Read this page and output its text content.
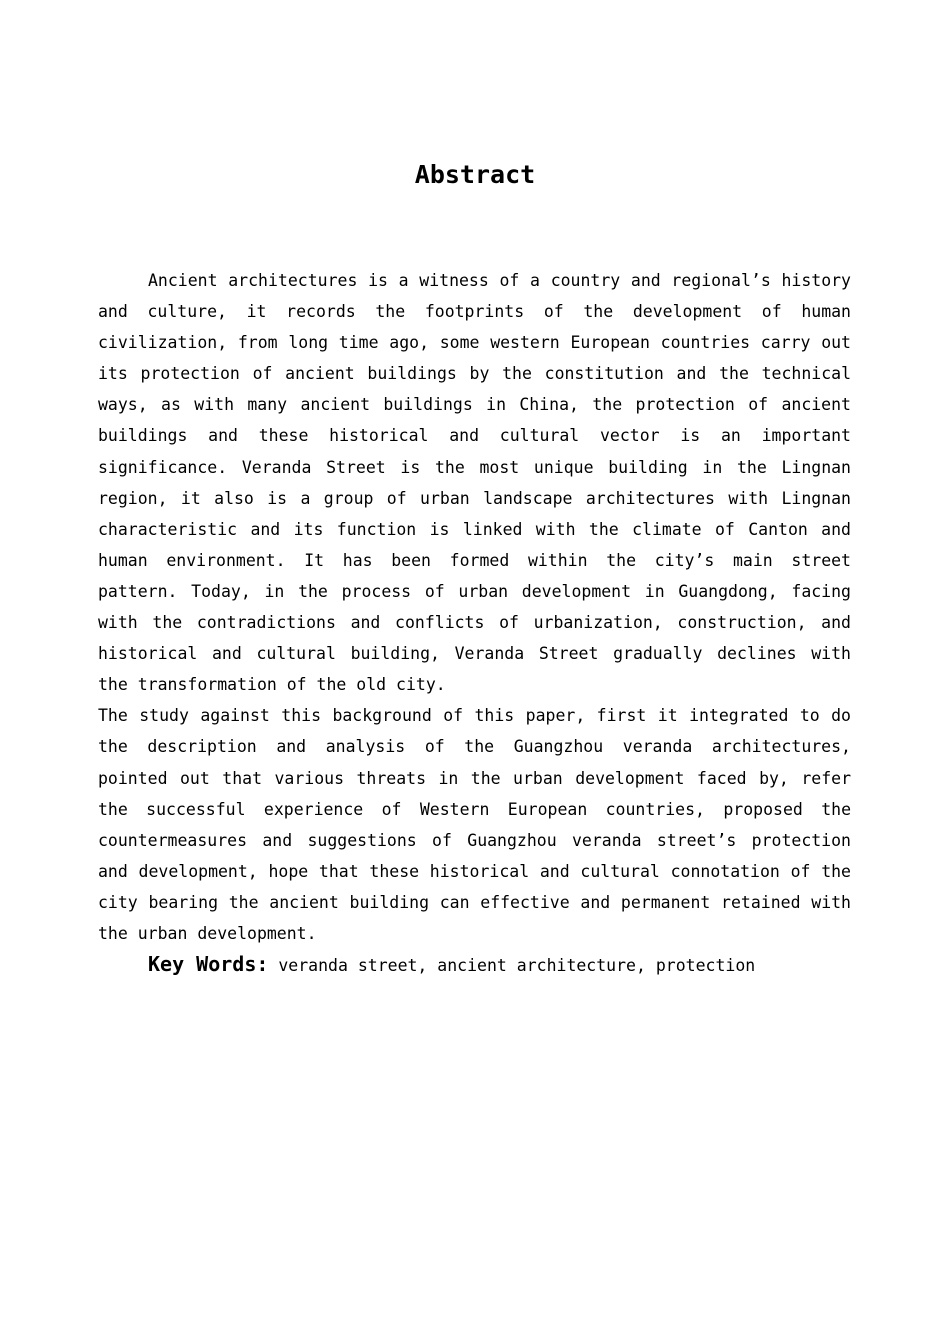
Abstract

Ancient architectures is a witness of a country and regional’s history and culture, it records the footprints of the development of human civilization, from long time ago, some western European countries carry out its protection of ancient buildings by the constitution and the technical ways, as with many ancient buildings in China, the protection of ancient buildings and these historical and cultural vector is an important significance. Veranda Street is the most unique building in the Lingnan region, it also is a group of urban landscape architectures with Lingnan characteristic and its function is linked with the climate of Canton and human environment. It has been formed within the city’s main street pattern. Today, in the process of urban development in Guangdong, facing with the contradictions and conflicts of urbanization, construction, and historical and cultural building, Veranda Street gradually declines with the transformation of the old city.

The study against this background of this paper, first it integrated to do the description and analysis of the Guangzhou veranda architectures, pointed out that various threats in the urban development faced by, refer the successful experience of Western European countries, proposed the countermeasures and suggestions of Guangzhou veranda street’s protection and development, hope that these historical and cultural connotation of the city bearing the ancient building can effective and permanent retained with the urban development.

Key Words: veranda street, ancient architecture, protection
